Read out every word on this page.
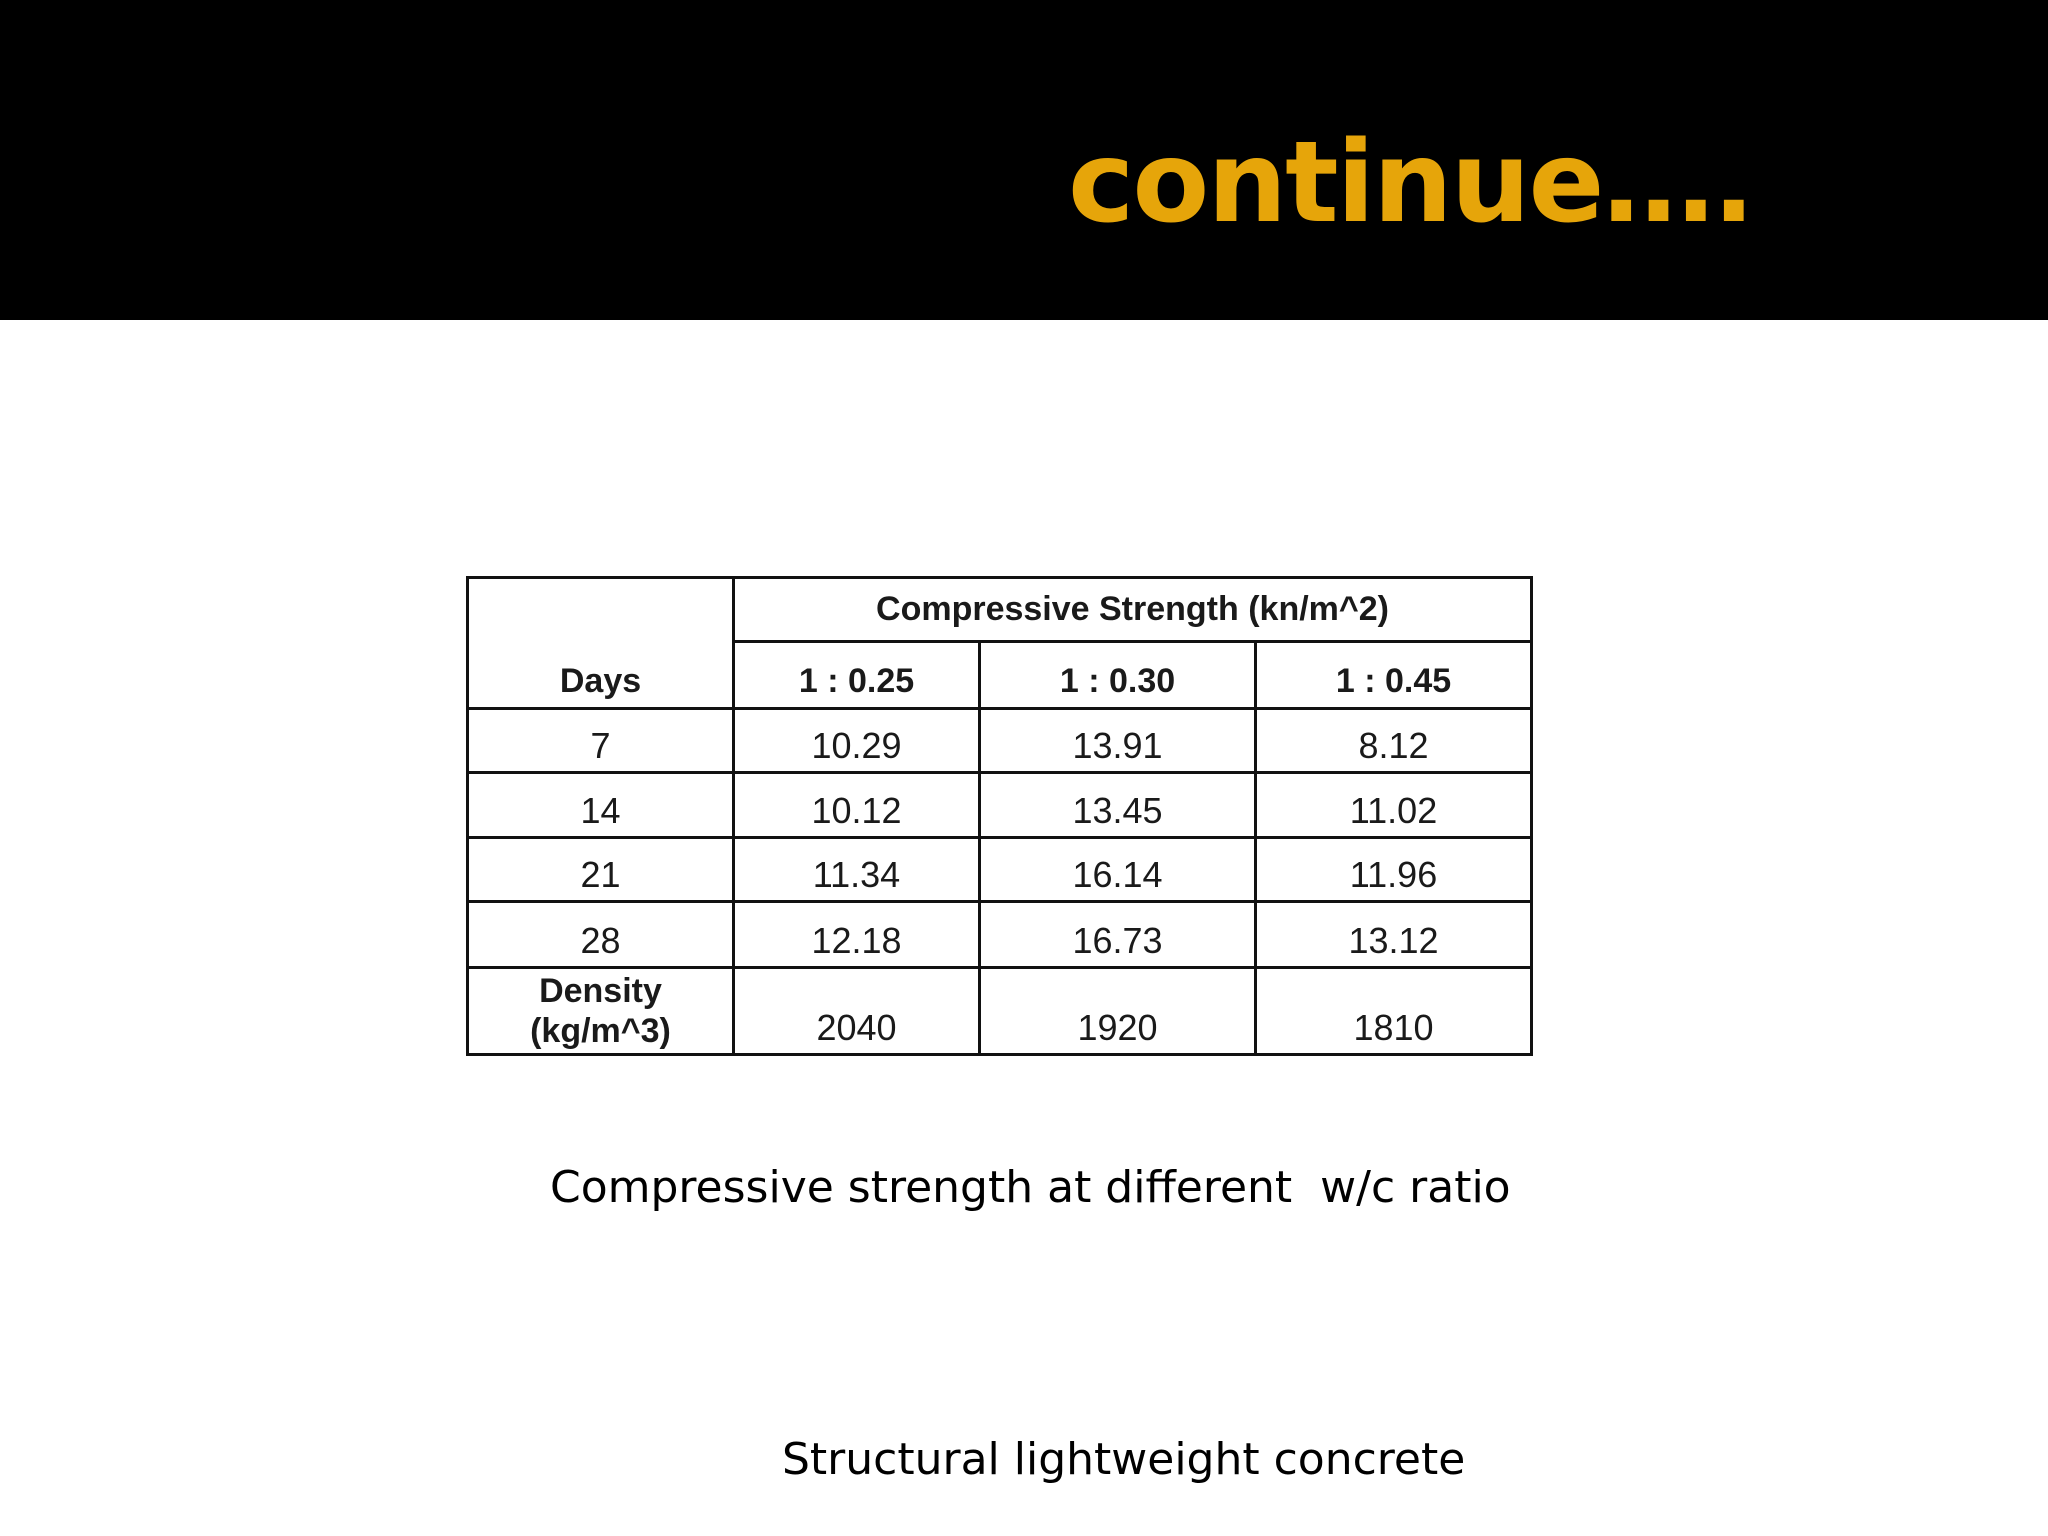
continue….
Days	Compressive Strength (kn/m^2)		
	1 : 0.25	1 : 0.30	1 : 0.45
7	10.29	13.91	8.12
14	10.12	13.45	11.02
21	11.34	16.14	11.96
28	12.18	16.73	13.12

Density
(kg/m^3)	2040	1920	1810

Compressive strength at different  w/c ratio

Structural lightweight concrete
